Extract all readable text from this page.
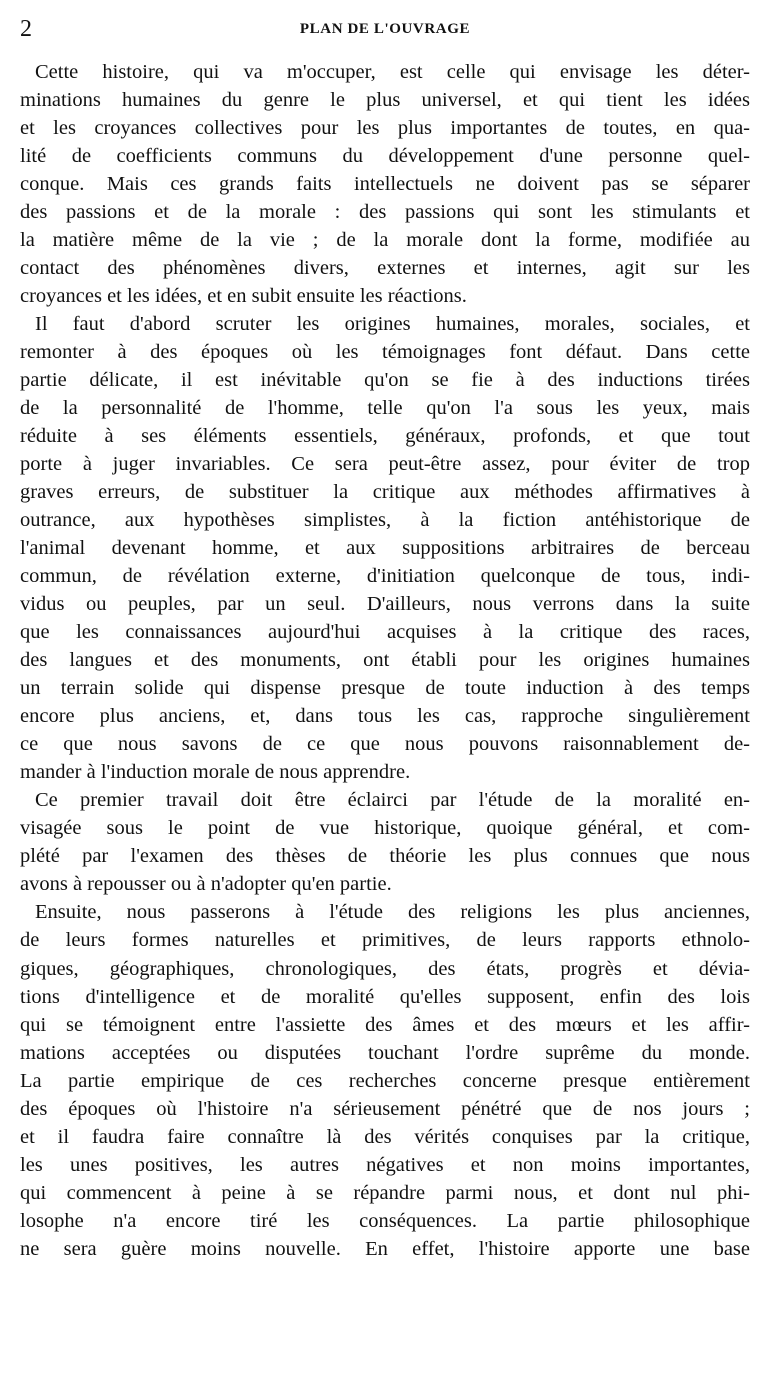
2	PLAN DE L'OUVRAGE
Cette histoire, qui va m'occuper, est celle qui envisage les déter-
minations humaines du genre le plus universel, et qui tient les idées
et les croyances collectives pour les plus importantes de toutes, en qua-
lité de coefficients communs du développement d'une personne quel-
conque. Mais ces grands faits intellectuels ne doivent pas se séparer
des passions et de la morale : des passions qui sont les stimulants et
la matière même de la vie ; de la morale dont la forme, modifiée au
contact des phénomènes divers, externes et internes, agit sur les
croyances et les idées, et en subit ensuite les réactions.
Il faut d'abord scruter les origines humaines, morales, sociales, et
remonter à des époques où les témoignages font défaut. Dans cette
partie délicate, il est inévitable qu'on se fie à des inductions tirées
de la personnalité de l'homme, telle qu'on l'a sous les yeux, mais
réduite à ses éléments essentiels, généraux, profonds, et que tout
porte à juger invariables. Ce sera peut-être assez, pour éviter de trop
graves erreurs, de substituer la critique aux méthodes affirmatives à
outrance, aux hypothèses simplistes, à la fiction antéhistorique de
l'animal devenant homme, et aux suppositions arbitraires de berceau
commun, de révélation externe, d'initiation quelconque de tous, indi-
vidus ou peuples, par un seul. D'ailleurs, nous verrons dans la suite
que les connaissances aujourd'hui acquises à la critique des races,
des langues et des monuments, ont établi pour les origines humaines
un terrain solide qui dispense presque de toute induction à des temps
encore plus anciens, et, dans tous les cas, rapproche singulièrement
ce que nous savons de ce que nous pouvons raisonnablement de-
mander à l'induction morale de nous apprendre.
Ce premier travail doit être éclairci par l'étude de la moralité en-
visagée sous le point de vue historique, quoique général, et com-
plété par l'examen des thèses de théorie les plus connues que nous
avons à repousser ou à n'adopter qu'en partie.
Ensuite, nous passerons à l'étude des religions les plus anciennes,
de leurs formes naturelles et primitives, de leurs rapports ethnolo-
giques, géographiques, chronologiques, des états, progrès et dévia-
tions d'intelligence et de moralité qu'elles supposent, enfin des lois
qui se témoignent entre l'assiette des âmes et des mœurs et les affir-
mations acceptées ou disputées touchant l'ordre suprême du monde.
La partie empirique de ces recherches concerne presque entièrement
des époques où l'histoire n'a sérieusement pénétré que de nos jours ;
et il faudra faire connaître là des vérités conquises par la critique,
les unes positives, les autres négatives et non moins importantes,
qui commencent à peine à se répandre parmi nous, et dont nul phi-
losophe n'a encore tiré les conséquences. La partie philosophique
ne sera guère moins nouvelle. En effet, l'histoire apporte une base
